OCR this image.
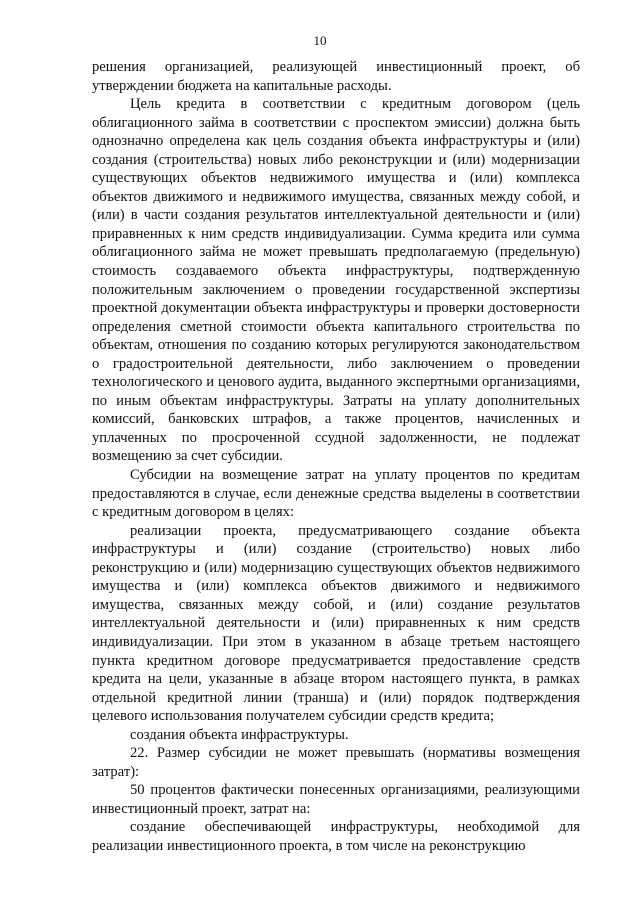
10

решения организацией, реализующей инвестиционный проект, об утверждении бюджета на капитальные расходы.

Цель кредита в соответствии с кредитным договором (цель облигационного займа в соответствии с проспектом эмиссии) должна быть однозначно определена как цель создания объекта инфраструктуры и (или) создания (строительства) новых либо реконструкции и (или) модернизации существующих объектов недвижимого имущества и (или) комплекса объектов движимого и недвижимого имущества, связанных между собой, и (или) в части создания результатов интеллектуальной деятельности и (или) приравненных к ним средств индивидуализации. Сумма кредита или сумма облигационного займа не может превышать предполагаемую (предельную) стоимость создаваемого объекта инфраструктуры, подтвержденную положительным заключением о проведении государственной экспертизы проектной документации объекта инфраструктуры и проверки достоверности определения сметной стоимости объекта капитального строительства по объектам, отношения по созданию которых регулируются законодательством о градостроительной деятельности, либо заключением о проведении технологического и ценового аудита, выданного экспертными организациями, по иным объектам инфраструктуры. Затраты на уплату дополнительных комиссий, банковских штрафов, а также процентов, начисленных и уплаченных по просроченной ссудной задолженности, не подлежат возмещению за счет субсидии.

Субсидии на возмещение затрат на уплату процентов по кредитам предоставляются в случае, если денежные средства выделены в соответствии с кредитным договором в целях:

реализации проекта, предусматривающего создание объекта инфраструктуры и (или) создание (строительство) новых либо реконструкцию и (или) модернизацию существующих объектов недвижимого имущества и (или) комплекса объектов движимого и недвижимого имущества, связанных между собой, и (или) создание результатов интеллектуальной деятельности и (или) приравненных к ним средств индивидуализации. При этом в указанном в абзаце третьем настоящего пункта кредитном договоре предусматривается предоставление средств кредита на цели, указанные в абзаце втором настоящего пункта, в рамках отдельной кредитной линии (транша) и (или) порядок подтверждения целевого использования получателем субсидии средств кредита;

создания объекта инфраструктуры.

22. Размер субсидии не может превышать (нормативы возмещения затрат):

50 процентов фактически понесенных организациями, реализующими инвестиционный проект, затрат на:

создание обеспечивающей инфраструктуры, необходимой для реализации инвестиционного проекта, в том числе на реконструкцию
